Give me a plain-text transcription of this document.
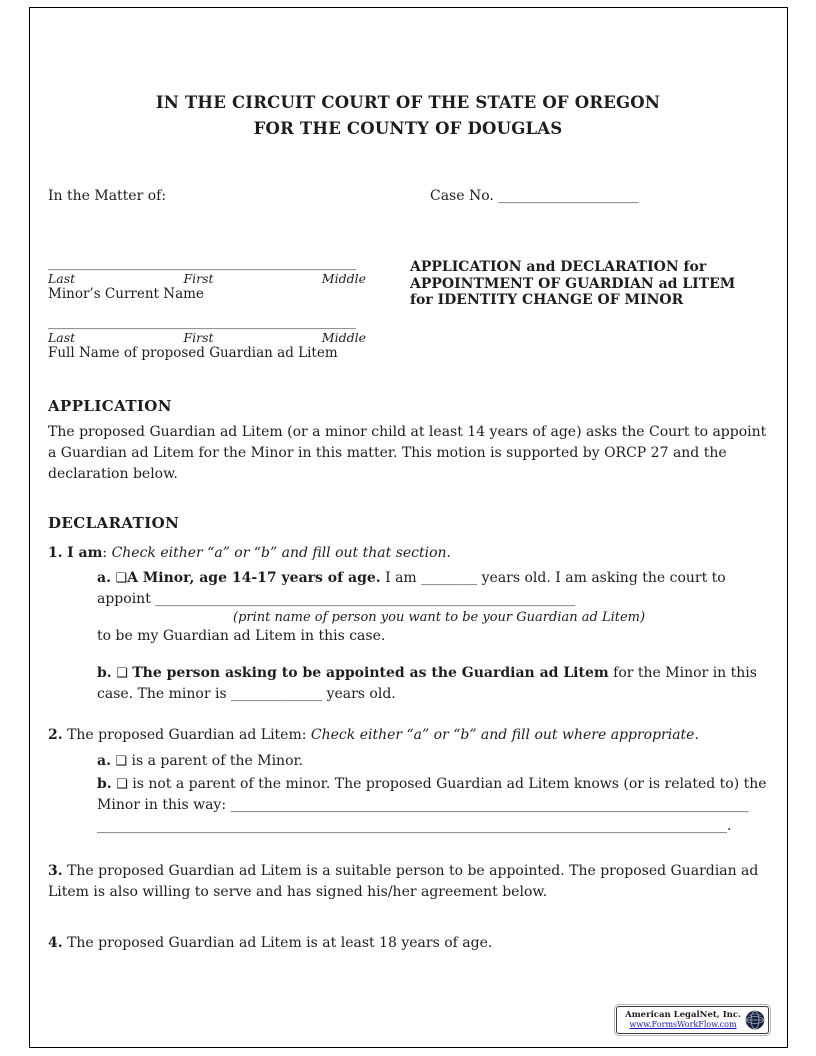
IN THE CIRCUIT COURT OF THE STATE OF OREGON
FOR THE COUNTY OF DOUGLAS
In the Matter of:	Case No. ____________________
____________________________________________
Last	First	Middle
Minor’s Current Name
____________________________________________
Last	First	Middle
Full Name of proposed Guardian ad Litem
APPLICATION and DECLARATION for
APPOINTMENT OF GUARDIAN ad LITEM
for IDENTITY CHANGE OF MINOR
APPLICATION

The proposed Guardian ad Litem (or a minor child at least 14 years of age) asks the Court to appoint a Guardian ad Litem for the Minor in this matter. This motion is supported by ORCP 27 and the declaration below.

DECLARATION

1. I am: Check either “a” or “b” and fill out that section.

a. ❑A Minor, age 14-17 years of age. I am ________ years old. I am asking the court to appoint ____________________________________________________________

(print name of person you want to be your Guardian ad Litem)

to be my Guardian ad Litem in this case.

b. ❑ The person asking to be appointed as the Guardian ad Litem for the Minor in this case. The minor is _____________ years old.

2. The proposed Guardian ad Litem: Check either “a” or “b” and fill out where appropriate.

a. ❑ is a parent of the Minor.

b. ❑ is not a parent of the minor. The proposed Guardian ad Litem knows (or is related to) the Minor in this way: __________________________________________________________________________
__________________________________________________________________________________________.

3. The proposed Guardian ad Litem is a suitable person to be appointed. The proposed Guardian ad Litem is also willing to serve and has signed his/her agreement below.

4. The proposed Guardian ad Litem is at least 18 years of age.

American LegalNet, Inc.
www.FormsWorkFlow.com
